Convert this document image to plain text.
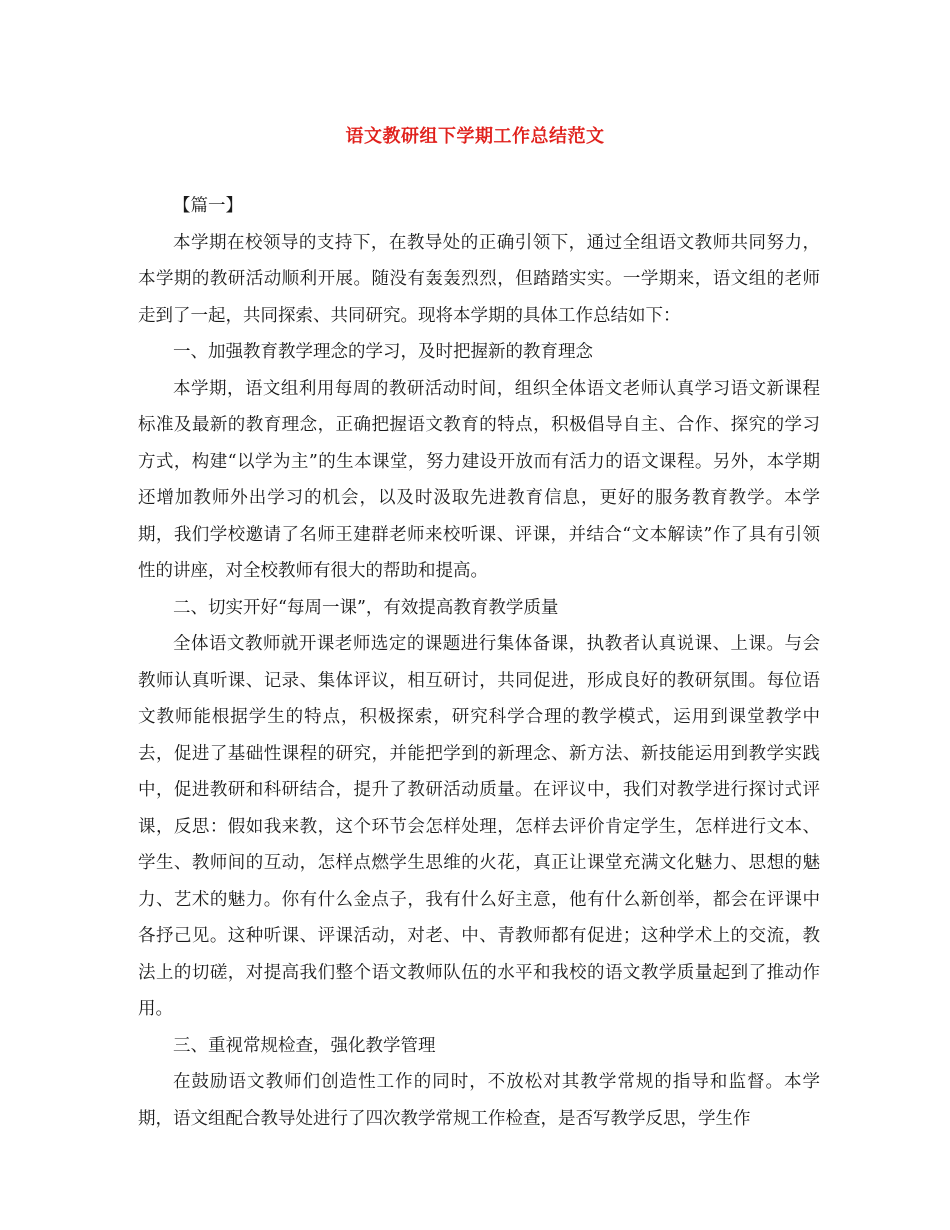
语文教研组下学期工作总结范文

【篇一】

本学期在校领导的支持下，在教导处的正确引领下，通过全组语文教师共同努力，本学期的教研活动顺利开展。随没有轰轰烈烈，但踏踏实实。一学期来，语文组的老师走到了一起，共同探索、共同研究。现将本学期的具体工作总结如下：

一、加强教育教学理念的学习，及时把握新的教育理念

本学期，语文组利用每周的教研活动时间，组织全体语文老师认真学习语文新课程标准及最新的教育理念，正确把握语文教育的特点，积极倡导自主、合作、探究的学习方式，构建“以学为主”的生本课堂，努力建设开放而有活力的语文课程。另外，本学期还增加教师外出学习的机会，以及时汲取先进教育信息，更好的服务教育教学。本学期，我们学校邀请了名师王建群老师来校听课、评课，并结合“文本解读”作了具有引领性的讲座，对全校教师有很大的帮助和提高。

二、切实开好“每周一课”，有效提高教育教学质量

全体语文教师就开课老师选定的课题进行集体备课，执教者认真说课、上课。与会教师认真听课、记录、集体评议，相互研讨，共同促进，形成良好的教研氛围。每位语文教师能根据学生的特点，积极探索，研究科学合理的教学模式，运用到课堂教学中去，促进了基础性课程的研究，并能把学到的新理念、新方法、新技能运用到教学实践中，促进教研和科研结合，提升了教研活动质量。在评议中，我们对教学进行探讨式评课，反思：假如我来教，这个环节会怎样处理，怎样去评价肯定学生，怎样进行文本、学生、教师间的互动，怎样点燃学生思维的火花，真正让课堂充满文化魅力、思想的魅力、艺术的魅力。你有什么金点子，我有什么好主意，他有什么新创举，都会在评课中各抒己见。这种听课、评课活动，对老、中、青教师都有促进；这种学术上的交流，教法上的切磋，对提高我们整个语文教师队伍的水平和我校的语文教学质量起到了推动作用。

三、重视常规检查，强化教学管理

在鼓励语文教师们创造性工作的同时，不放松对其教学常规的指导和监督。本学期，语文组配合教导处进行了四次教学常规工作检查，是否写教学反思，学生作
